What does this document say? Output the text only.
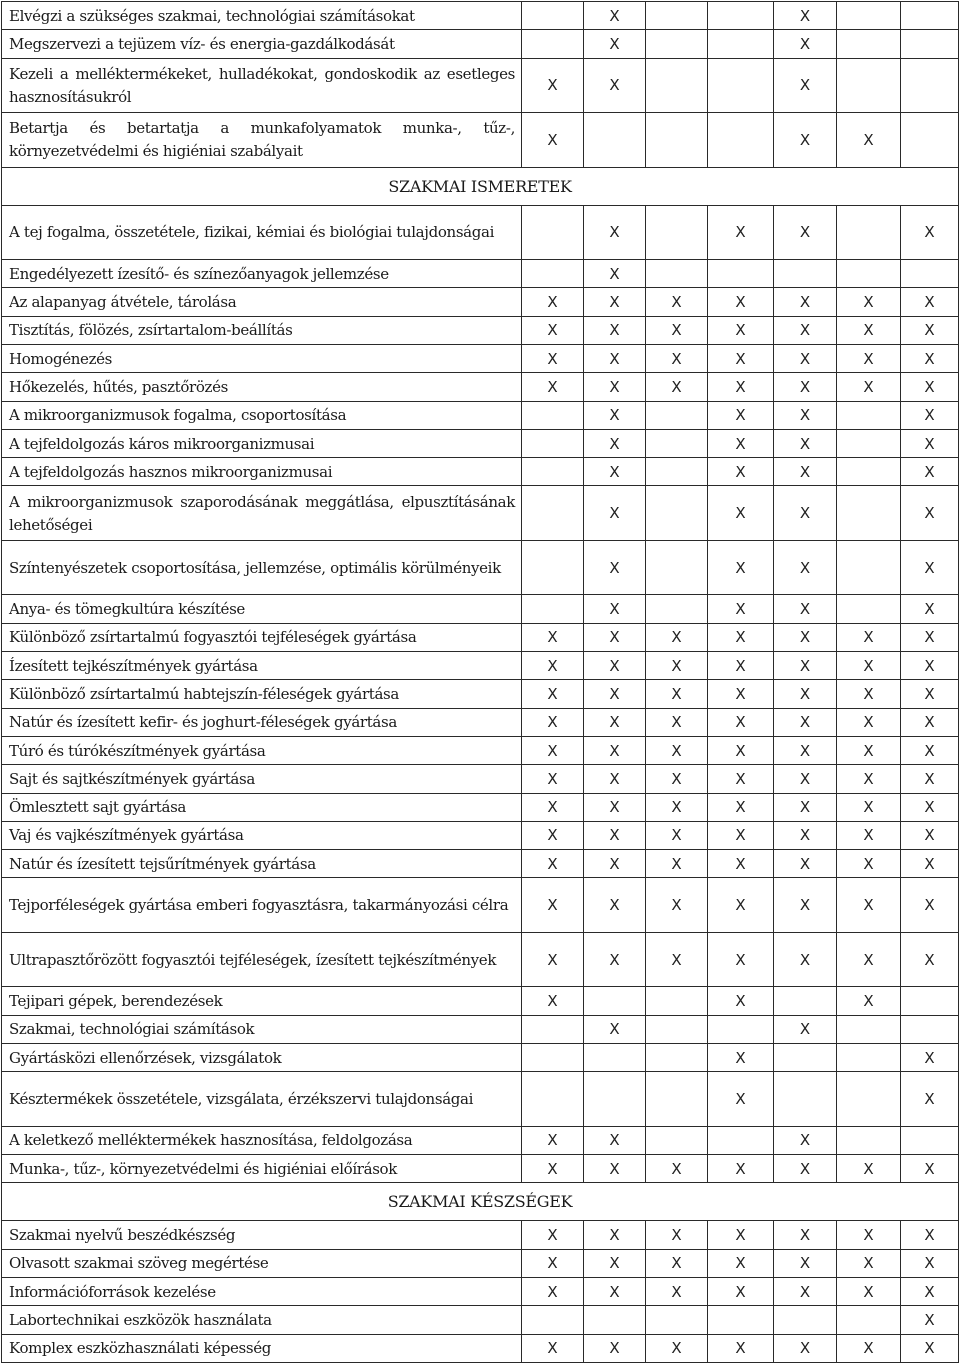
Elvégzi a szükséges szakmai, technológiai számításokat		X			X		
Megszervezi a tejüzem víz- és energia-gazdálkodását		X			X		
Kezeli a melléktermékeket, hulladékokat, gondoskodik az esetleges hasznosításukról	X	X			X		
Betartja és betartatja a munkafolyamatok munka-, tűz-, környezetvédelmi és higiéniai szabályait	X				X	X	
SZAKMAI ISMERETEK							
A tej fogalma, összetétele, fizikai, kémiai és biológiai tulajdonságai		X		X	X		X
Engedélyezett ízesítő- és színezőanyagok jellemzése		X					
Az alapanyag átvétele, tárolása	X	X	X	X	X	X	X
Tisztítás, fölözés, zsírtartalom-beállítás	X	X	X	X	X	X	X
Homogénezés	X	X	X	X	X	X	X
Hőkezelés, hűtés, pasztőrözés	X	X	X	X	X	X	X
A mikroorganizmusok fogalma, csoportosítása		X		X	X		X
A tejfeldolgozás káros mikroorganizmusai		X		X	X		X
A tejfeldolgozás hasznos mikroorganizmusai		X		X	X		X
A mikroorganizmusok szaporodásának meggátlása, elpusztításának lehetőségei		X		X	X		X
Színtenyészetek csoportosítása, jellemzése, optimális körülményeik		X		X	X		X
Anya- és tömegkultúra készítése		X		X	X		X
Különböző zsírtartalmú fogyasztói tejféleségek gyártása	X	X	X	X	X	X	X
Ízesített tejkészítmények gyártása	X	X	X	X	X	X	X
Különböző zsírtartalmú habtejszín-féleségek gyártása	X	X	X	X	X	X	X
Natúr és ízesített kefir- és joghurt-féleségek gyártása	X	X	X	X	X	X	X
Túró és túrókészítmények gyártása	X	X	X	X	X	X	X
Sajt és sajtkészítmények gyártása	X	X	X	X	X	X	X
Ömlesztett sajt gyártása	X	X	X	X	X	X	X
Vaj és vajkészítmények gyártása	X	X	X	X	X	X	X
Natúr és ízesített tejsűrítmények gyártása	X	X	X	X	X	X	X
Tejporféleségek gyártása emberi fogyasztásra, takarmányozási célra	X	X	X	X	X	X	X
Ultrapasztőrözött fogyasztói tejféleségek, ízesített tejkészítmények	X	X	X	X	X	X	X
Tejipari gépek, berendezések	X			X		X	
Szakmai, technológiai számítások		X			X		
Gyártásközi ellenőrzések, vizsgálatok				X			X
Késztermékek összetétele, vizsgálata, érzékszervi tulajdonságai				X			X
A keletkező melléktermékek hasznosítása, feldolgozása	X	X			X		
Munka-, tűz-, környezetvédelmi és higiéniai előírások	X	X	X	X	X	X	X
SZAKMAI KÉSZSÉGEK							
Szakmai nyelvű beszédkészség	X	X	X	X	X	X	X
Olvasott szakmai szöveg megértése	X	X	X	X	X	X	X
Információforrások kezelése	X	X	X	X	X	X	X
Labortechnikai eszközök használata							X
Komplex eszközhasználati képesség	X	X	X	X	X	X	X
